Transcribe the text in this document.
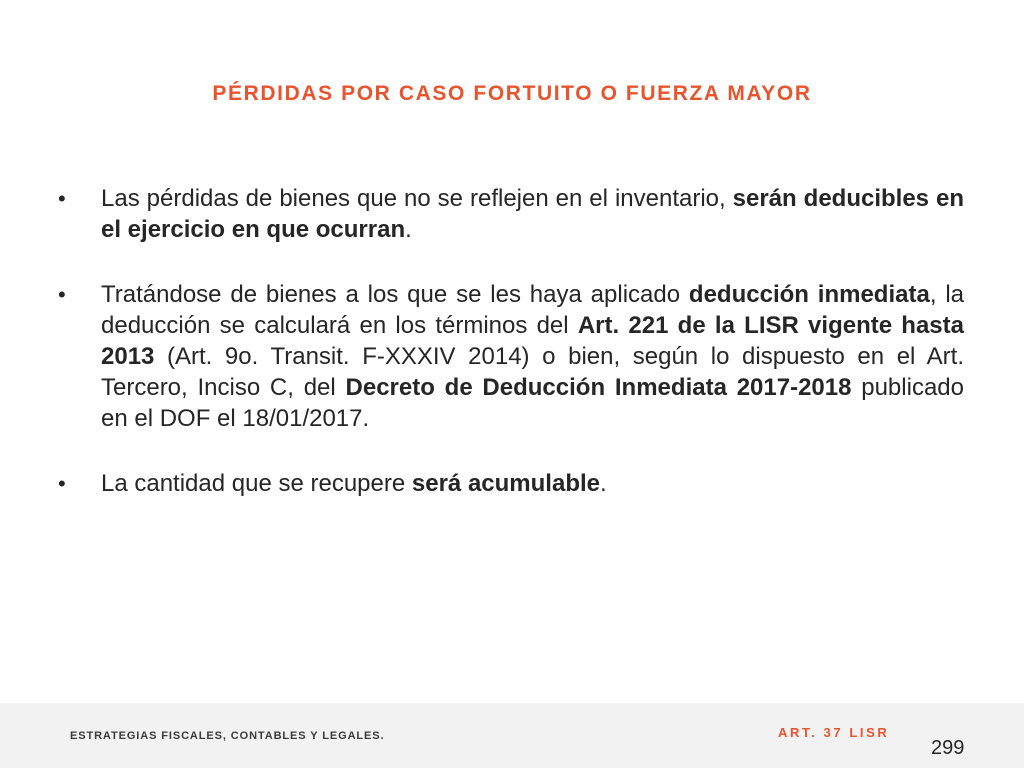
PÉRDIDAS POR CASO FORTUITO O FUERZA MAYOR
• Las pérdidas de bienes que no se reflejen en el inventario, serán deducibles en el ejercicio en que ocurran.
• Tratándose de bienes a los que se les haya aplicado deducción inmediata, la deducción se calculará en los términos del Art. 221 de la LISR vigente hasta 2013 (Art. 9o. Transit. F-XXXIV 2014) o bien, según lo dispuesto en el Art. Tercero, Inciso C, del Decreto de Deducción Inmediata 2017-2018 publicado en el DOF el 18/01/2017.
• La cantidad que se recupere será acumulable.
ESTRATEGIAS FISCALES, CONTABLES Y LEGALES.	ART. 37 LISR
299
